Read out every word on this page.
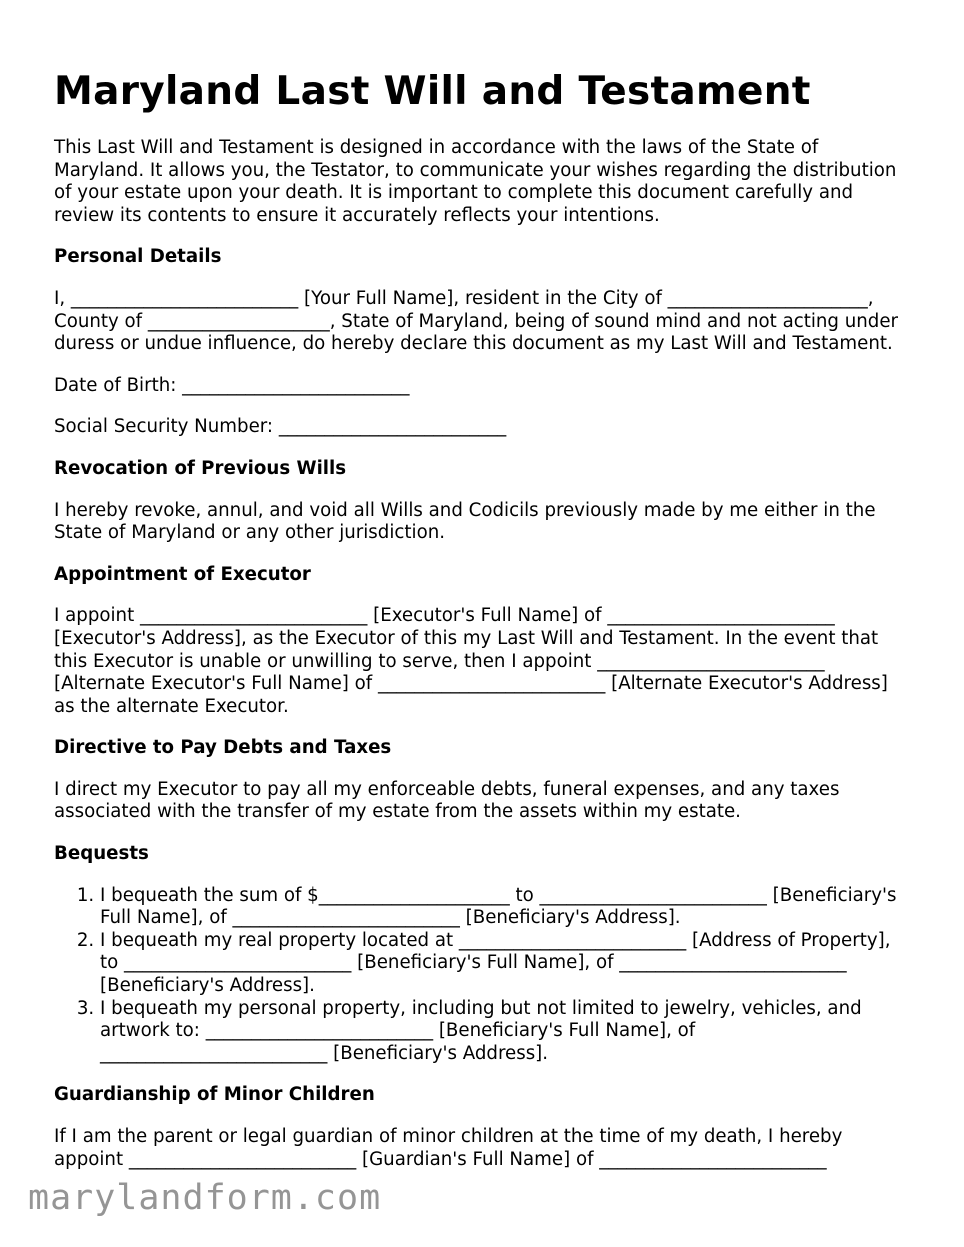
Maryland Last Will and Testament

This Last Will and Testament is designed in accordance with the laws of the State of Maryland. It allows you, the Testator, to communicate your wishes regarding the distribution of your estate upon your death. It is important to complete this document carefully and review its contents to ensure it accurately reflects your intentions.

Personal Details

I, _________________________ [Your Full Name], resident in the City of ______________________, County of ____________________, State of Maryland, being of sound mind and not acting under duress or undue influence, do hereby declare this document as my Last Will and Testament.

Date of Birth: _________________________

Social Security Number: _________________________

Revocation of Previous Wills

I hereby revoke, annul, and void all Wills and Codicils previously made by me either in the State of Maryland or any other jurisdiction.

Appointment of Executor

I appoint _________________________ [Executor's Full Name] of _________________________ [Executor's Address], as the Executor of this my Last Will and Testament. In the event that this Executor is unable or unwilling to serve, then I appoint _________________________ [Alternate Executor's Full Name] of _________________________ [Alternate Executor's Address] as the alternate Executor.

Directive to Pay Debts and Taxes

I direct my Executor to pay all my enforceable debts, funeral expenses, and any taxes associated with the transfer of my estate from the assets within my estate.

Bequests
1. I bequeath the sum of $_____________________ to _________________________ [Beneficiary's Full Name], of _________________________ [Beneficiary's Address].
2. I bequeath my real property located at _________________________ [Address of Property], to _________________________ [Beneficiary's Full Name], of _________________________ [Beneficiary's Address].
3. I bequeath my personal property, including but not limited to jewelry, vehicles, and artwork to: _________________________ [Beneficiary's Full Name], of _________________________ [Beneficiary's Address].
Guardianship of Minor Children

If I am the parent or legal guardian of minor children at the time of my death, I hereby appoint _________________________ [Guardian's Full Name] of _________________________

marylandform.com
